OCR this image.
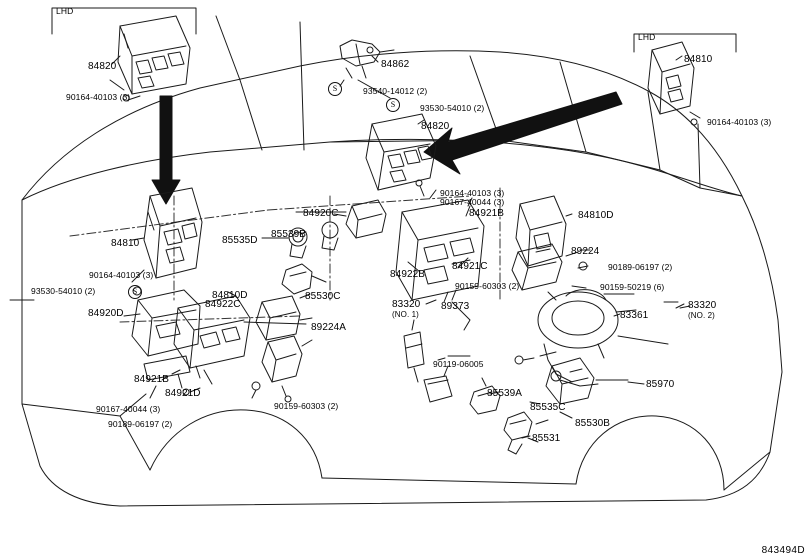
LHD
LHD
S
S
S
84820
90164-40103 (3)
84862
93540-14012 (2)
93530-54010 (2)
84820
84810
90164-40103 (3)
90164-40103 (3)
90167-40044 (3)
84921B	84810D
84920C
89224
85535D
85539B
84810
84922B
84921C	90189-06197 (2)
90159-60303 (2)	90159-50219 (6)
90164-40103 (3)
93530-54010 (2)	85530C
84810D
84922C
84920D
89373
83361
89224A
90119-06005
84921B
84921D	85539A
85970
85535C
85530B
85531
90167-40044 (3)	90159-60303 (2)
90189-06197 (2)
83320
(NO. 1)
83320
(NO. 2)
843494D
